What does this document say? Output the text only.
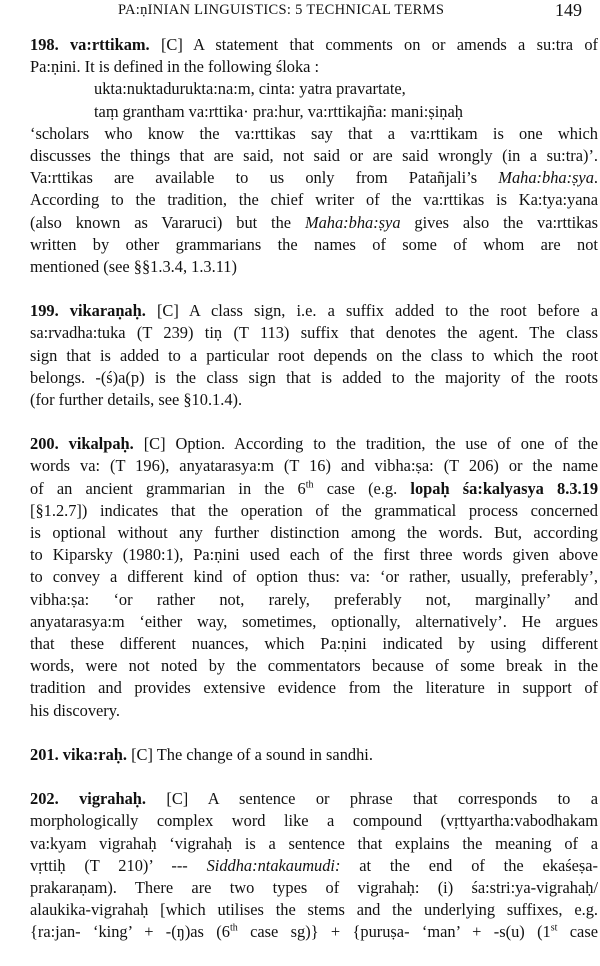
PA:ṇINIAN LINGUISTICS: 5 TECHNICAL TERMS	149
198. va:rttikam. [C] A statement that comments on or amends a su:tra of
Pa:ṇini. It is defined in the following śloka :
ukta:nuktadurukta:na:m, cinta: yatra pravartate,
taṃ grantham va:rttika· pra:hur, va:rttikajña: mani:ṣiṇaḥ
‘scholars who know the va:rttikas say that a va:rttikam is one which
discusses the things that are said, not said or are said wrongly (in a su:tra)’.
Va:rttikas are available to us only from Patañjali’s Maha:bha:ṣya.
According to the tradition, the chief writer of the va:rttikas is Ka:tya:yana
(also known as Vararuci) but the Maha:bha:ṣya gives also the va:rttikas
written by other grammarians the names of some of whom are not
mentioned (see §§1.3.4, 1.3.11)
199. vikaraṇaḥ. [C] A class sign, i.e. a suffix added to the root before a
sa:rvadha:tuka (T 239) tiṇ (T 113) suffix that denotes the agent. The class
sign that is added to a particular root depends on the class to which the root
belongs. -(ś)a(p) is the class sign that is added to the majority of the roots
(for further details, see §10.1.4).
200. vikalpaḥ. [C] Option. According to the tradition, the use of one of the
words va: (T 196), anyatarasya:m (T 16) and vibha:ṣa: (T 206) or the name
of an ancient grammarian in the 6th case (e.g. lopaḥ śa:kalyasya 8.3.19
[§1.2.7]) indicates that the operation of the grammatical process concerned
is optional without any further distinction among the words. But, according
to Kiparsky (1980:1), Pa:ṇini used each of the first three words given above
to convey a different kind of option thus: va: ‘or rather, usually, preferably’,
vibha:ṣa: ‘or rather not, rarely, preferably not, marginally’ and
anyatarasya:m ‘either way, sometimes, optionally, alternatively’. He argues
that these different nuances, which Pa:ṇini indicated by using different
words, were not noted by the commentators because of some break in the
tradition and provides extensive evidence from the literature in support of
his discovery.
201. vika:raḥ. [C] The change of a sound in sandhi.
202. vigrahaḥ. [C] A sentence or phrase that corresponds to a
morphologically complex word like a compound (vṛttyartha:vabodhakam
va:kyam vigrahaḥ ‘vigrahaḥ is a sentence that explains the meaning of a
vṛttiḥ (T 210)’ --- Siddha:ntakaumudi: at the end of the ekaśeṣa-
prakaraṇam). There are two types of vigrahaḥ: (i) śa:stri:ya-vigrahaḥ/
alaukika-vigrahaḥ [which utilises the stems and the underlying suffixes, e.g.
{ra:jan- ‘king’ + -(ŋ)as (6th case sg)} + {puruṣa- ‘man’ + -s(u) (1st case
